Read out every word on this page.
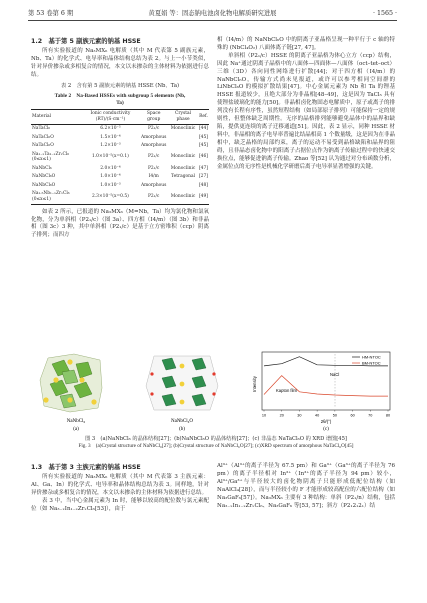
第 53 卷第 6 期	黄夏娟 等：固态钠电池卤化物电解质研究进展	· 1565 ·
1.2　基于第 5 副族元素的钠基 HSSE

所有实验报道的 Na₃MX₆ 电解质（其中 M 代表第 5 副族元素，Nb、Ta）的化学式、电导率和晶体结构总结为表 2。与上一小节类似，针对异价掺杂或多相复合的情况，本文以未掺杂的主体材料为依据进行总结。

表 2　含有第 5 副族元素的钠基 HSSE (Nb、Ta)
Table 2　Na-Based HSSEs with subgroup 5 elements (Nb,
Ta)
Material	Ionic conductivity (RT)/(S·cm⁻¹)	Space group	Crystal phase	Ref.
NaTaCl₆	6.2×10⁻⁵	P2₁/c	Monoclinic	[44]
NaTaCl₆O	1.5×10⁻⁴	Amorphous		[45]
NaTaCl₆O	1.2×10⁻³	Amorphous		[45]
Na₁₋ₓTa₁₋ₓZrₓCl₆ (0≤x≤1)	1.0×10⁻⁵(x=0.1)	P2₁/c	Monoclinic	[46]
NaNbCl₆	2.0×10⁻⁴	P2₁/c	Monoclinic	[47]
NaNbCl₆O	1.0×10⁻⁴	I4/m	Tetragonal	[27]
NaNbCl₆O	1.0×10⁻³	Amorphous		[48]
Na₁.₅Nb₁₋ₓZrₓCl₆ (0≤x≤1)	2.3×10⁻⁵(x=0.5)	P2₁/c	Monoclinic	[49]

如表 2 所示，已报道的 Na₃MX₆（M=Nb，Ta）均为氯化物和氯氧化物，分为单斜相（P2₁/c）（图 3a）、四方相（I4/m）（图 3b）和非晶相（图 3c）3 种，其中单斜相（P2₁/c）是基于立方密堆积（ccp）阴离子排列；而四方

相（I4/m）的 NaNbCl₆O 中的阴离子亚晶格呈现一种平行于 c 轴的特殊的 (NbCl₄O₂) 八面体离子链[27, 47]。

单斜相（P2₁/c）HSSE 的阴离子亚晶格为体心立方（ccp）结构，因此 Na⁺通过阴离子晶格中的八面体—四面体—八面体（oct–tet–oct）三维（3D）各向同性网络进行扩散[44]；对于四方相（I4/m）的 NaNbCl₆O，传输方式尚未见报道，或许可以参考相同空间群的 LiNbCl₆O 的模拟扩散结果[47]。中心金属元素为 Nb 和 Ta 的锂基 HSSE 报道较少，且绝大部分为非晶相[48–49]，这是因为 TaCl₅ 具有使锂盐玻璃化的能力[50]。非晶相卤化物固态电解质中，原子或离子的排列没有长程有序性，虽然短程结构（如局部原子排列）可能保持一定的规则性，但整体缺乏周期性。无序的晶格排列能够避免晶体中的晶界和缺陷，提供更连续的离子迁移通道[51]。因此，表 2 显示，同种 HSSE 材料中，非晶相的离子电导率普遍比结晶相高 1 个数量级，这是因为在非晶相中，缺乏晶格的局部约束，离子的运动不易受到晶格缺陷和晶界的阻碍，且非晶态卤化物中的阳离子占据位点作为钠离子传输过程中的快速交换位点，能够促进钠离子传输。Zhao 等[52] 认为通过对分布函数分析，金属位点的无序性是机械化学研磨后离子电导率显著增强的关键。

NaNbCl₆
(a)
NaNbCl₆O
(b)
NaCl
Kapton film
10	20	30	40	50	60	70	80
HM-NTOC
BM-NTOC
Intensity
2θ/(°)
(c)
图 3　(a)NaNbCl₆ 的晶体结构[27]；(b)NaNbCl₆O 的晶体结构[27]；(c) 非晶态 NaTaCl₆O 的 XRD 谱图[45]
Fig. 3　(a)Crystal structure of NaNbCl₆[27]; (b)Crystal structure of NaNbCl₆O[27]; (c)XRD spectrum of amorphous NaTaCl₆O[45]
1.3　基于第 3 主族元素的钠基 HSSE

所有实验报道的 Na₃MX₆ 电解质（其中 M 代表第 3 主族元素：Al、Ga、In）的化学式、电导率和晶体结构总结为表 3。同样地，针对异价掺杂或多相复合的情况，本文以未掺杂的主体材料为依据进行总结。

表 3 中，当中心金属元素为 In 时，能够以较高的配位数与氯元素配位（如 Na₃₋ₓIn₁₋ₓZrₓCl₆[53]），由于

Al³⁺（Al³⁺的离子半径为 67.5 pm）和 Ga³⁺（Ga³⁺的离子半径为 76 pm）的离子半径相对 In³⁺（In³⁺的离子半径为 94 pm）较小，Al³⁺/Ga³⁺与半径较大的卤化物阴离子只能形成低配位结构（如 NaAlCl₄[28]），而与半径较小的 F 才能形成较高配位的六配位结构（如 Na₃GaF₆[57]）。Na₃MX₆ 主要有 3 种结构：单斜（P2₁/n）结构，包括 Na₃₋ₓIn₁₋ₓZrₓCl₆、Na₃GaF₆ 等[53, 57]；斜方（P2₁2₁2₁）结
